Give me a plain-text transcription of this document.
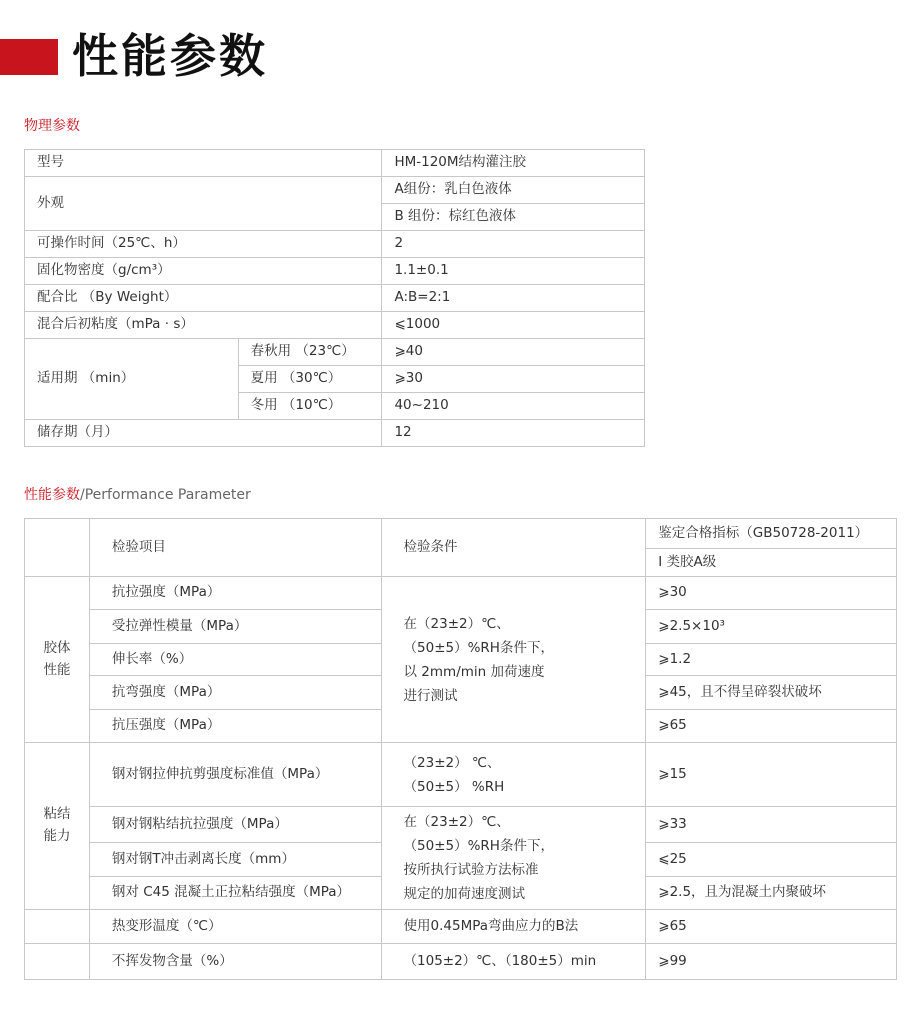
性能参数
物理参数
型号		HM-120M结构灌注胶
外观		A组份：乳白色液体
		B 组份：棕红色液体
可操作时间（25℃、h）		2
固化物密度（g/cm³）		1.1±0.1
配合比 （By Weight）		A:B=2:1
混合后初粘度（mPa · s）		⩽1000
适用期 （min）	春秋用 （23℃）	⩾40
	夏用 （30℃）	⩾30
	冬用 （10℃）	40~210
储存期（月）		12
性能参数/Performance Parameter
	检验项目	检验条件	鉴定合格指标（GB50728-2011）
			Ⅰ 类胶A级
胶体
性能	抗拉强度（MPa）	在（23±2）℃、
（50±5）%RH条件下，
以 2mm/min 加荷速度
进行测试	⩾30
	受拉弹性模量（MPa）		⩾2.5×10³
	伸长率（%）		⩾1.2
	抗弯强度（MPa）		⩾45，且不得呈碎裂状破坏
	抗压强度（MPa）		⩾65
粘结
能力	钢对钢拉伸抗剪强度标准值（MPa）	（23±2） ℃、
（50±5） %RH	⩾15
	钢对钢粘结抗拉强度（MPa）	在（23±2）℃、
（50±5）%RH条件下，
按所执行试验方法标准
规定的加荷速度测试	⩾33
	钢对钢T冲击剥离长度（mm）		⩽25
	钢对 C45 混凝土正拉粘结强度（MPa）		⩾2.5，且为混凝土内聚破坏
	热变形温度（℃）	使用0.45MPa弯曲应力的B法	⩾65
	不挥发物含量（%）	（105±2）℃、（180±5）min	⩾99
